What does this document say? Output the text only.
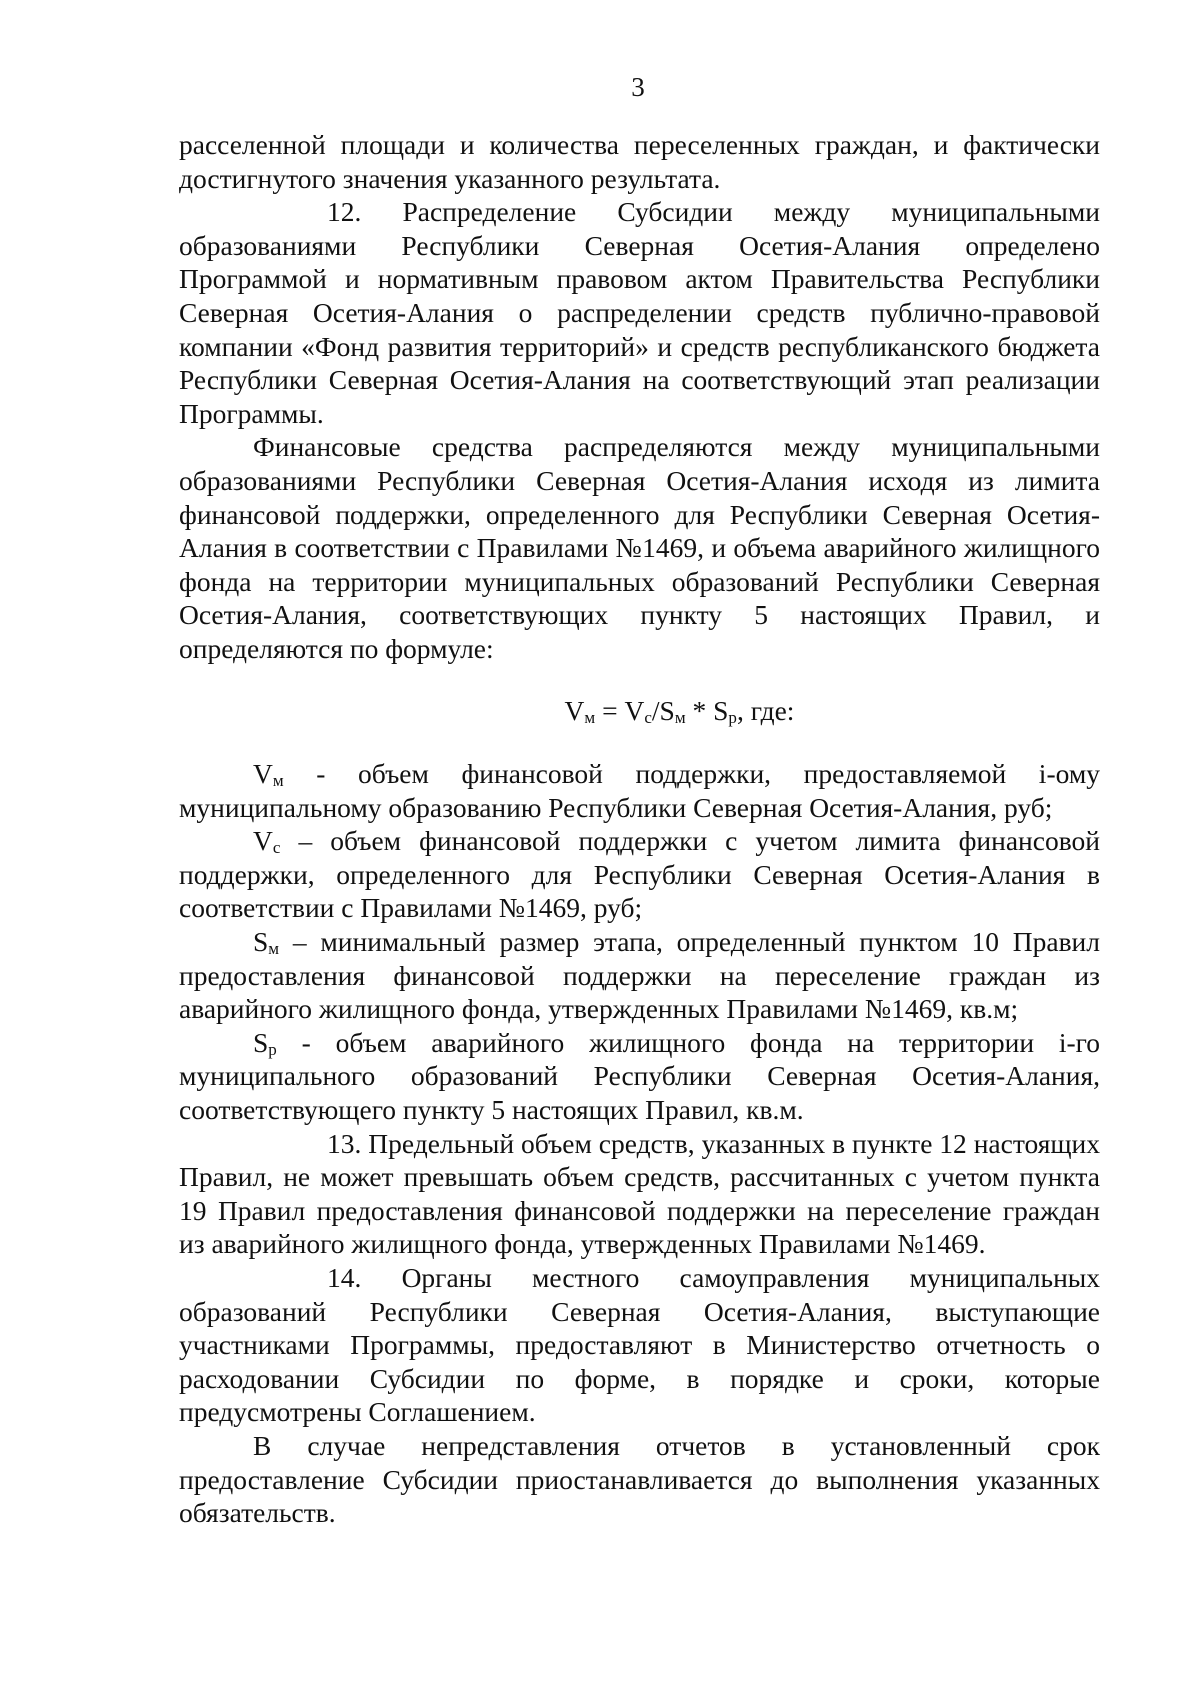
3

расселенной площади и количества переселенных граждан, и фактически достигнутого значения указанного результата.

12. Распределение Субсидии между муниципальными образованиями Республики Северная Осетия-Алания определено Программой и нормативным правовом актом Правительства Республики Северная Осетия-Алания о распределении средств публично-правовой компании «Фонд развития территорий» и средств республиканского бюджета Республики Северная Осетия-Алания на соответствующий этап реализации Программы.

Финансовые средства распределяются между муниципальными образованиями Республики Северная Осетия-Алания исходя из лимита финансовой поддержки, определенного для Республики Северная Осетия-Алания в соответствии с Правилами №1469, и объема аварийного жилищного фонда на территории муниципальных образований Республики Северная Осетия-Алания, соответствующих пункту 5 настоящих Правил, и определяются по формуле:

$V_м = V_с/S_м * S_р$, где:

$V_м$ - объем финансовой поддержки, предоставляемой i-ому муниципальному образованию Республики Северная Осетия-Алания, руб;

$V_с$ – объем финансовой поддержки с учетом лимита финансовой поддержки, определенного для Республики Северная Осетия-Алания в соответствии с Правилами №1469, руб;

$S_м$ – минимальный размер этапа, определенный пунктом 10 Правил предоставления финансовой поддержки на переселение граждан из аварийного жилищного фонда, утвержденных Правилами №1469, кв.м;

$S_р$ - объем аварийного жилищного фонда на территории i-го муниципального образований Республики Северная Осетия-Алания, соответствующего пункту 5 настоящих Правил, кв.м.

13. Предельный объем средств, указанных в пункте 12 настоящих Правил, не может превышать объем средств, рассчитанных с учетом пункта 19 Правил предоставления финансовой поддержки на переселение граждан из аварийного жилищного фонда, утвержденных Правилами №1469.

14. Органы местного самоуправления муниципальных образований Республики Северная Осетия-Алания, выступающие участниками Программы, предоставляют в Министерство отчетность о расходовании Субсидии по форме, в порядке и сроки, которые предусмотрены Соглашением.

В случае непредставления отчетов в установленный срок предоставление Субсидии приостанавливается до выполнения указанных обязательств.
